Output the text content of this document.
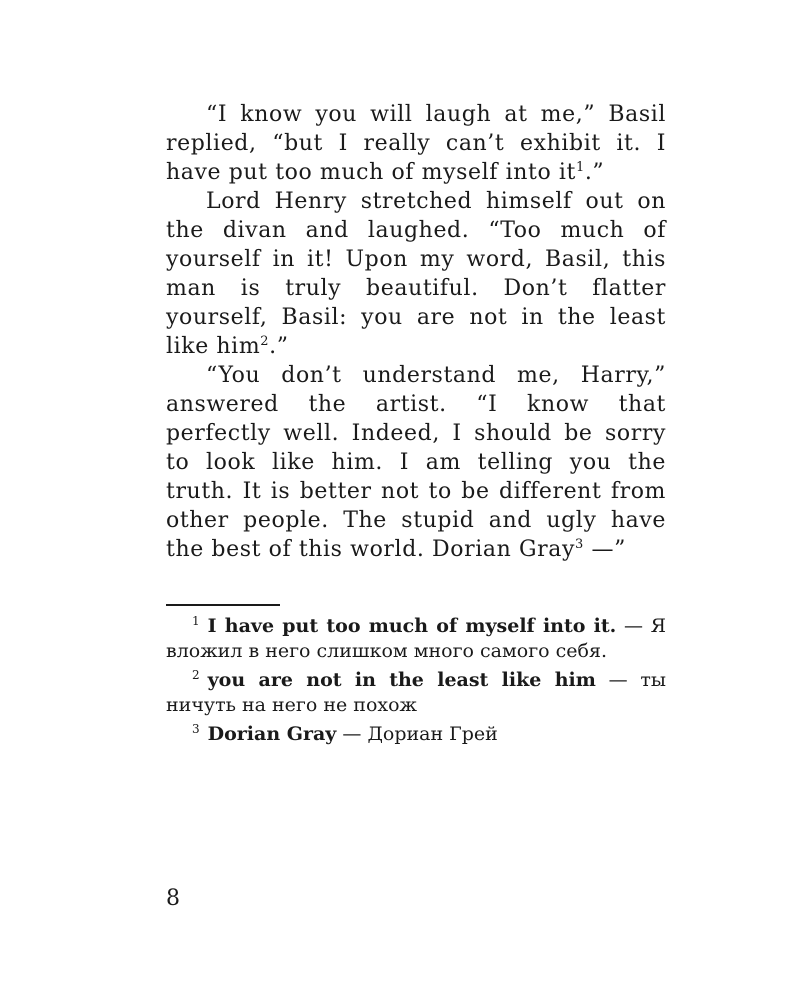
“I know you will laugh at me,” Basil replied, “but I really can’t exhibit it. I have put too much of myself into $it^1$.”

Lord Henry stretched himself out on the divan and laughed. “Too much of yourself in it! Upon my word, Basil, this man is truly beautiful. Don’t flatter yourself, Basil: you are not in the least like him$^2$.”

“You don’t understand me, Harry,” answered the artist. “I know that perfectly well. Indeed, I should be sorry to look like him. I am telling you the truth. It is better not to be different from other people. The stupid and ugly have the best of this world. Dorian Gray$^3$ —”

$^1$ I have put too much of myself into it. — Я вложил в него слишком много самого себя.

$^2$ you are not in the least like him — ты ничуть на него не похож

$^3$ Dorian Gray — Дориан Грей

8
